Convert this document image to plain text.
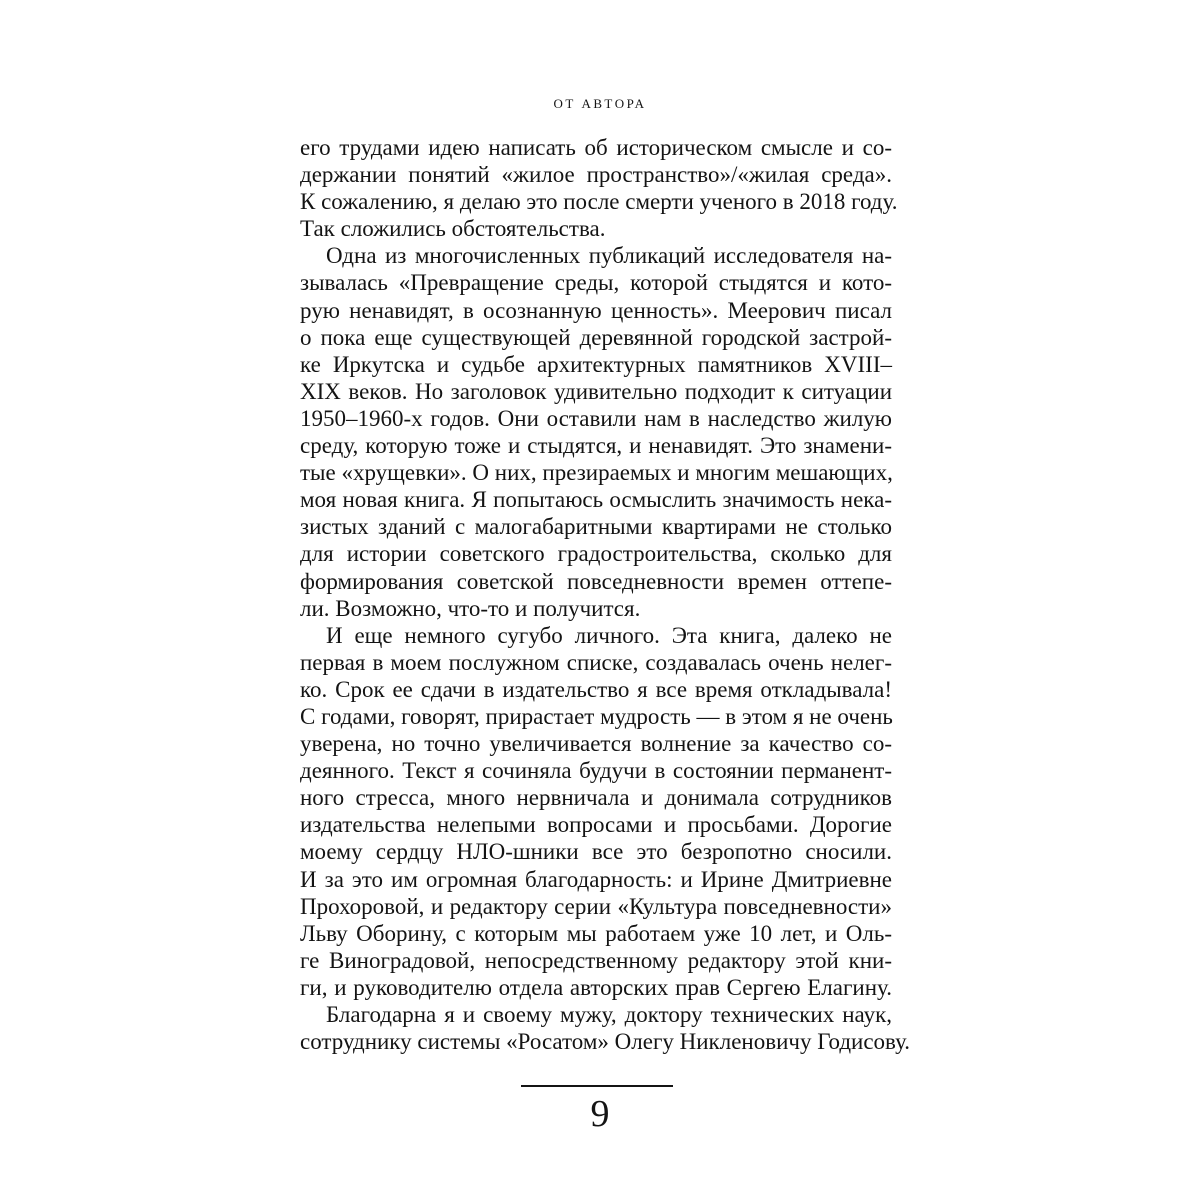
ОТ АВТОРА
его трудами идею написать об историческом смысле и со-
держании понятий «жилое пространство»/«жилая среда».
К сожалению, я делаю это после смерти ученого в 2018 году.
Так сложились обстоятельства.
Одна из многочисленных публикаций исследователя на-
зывалась «Превращение среды, которой стыдятся и кото-
рую ненавидят, в осознанную ценность». Меерович писал
о пока еще существующей деревянной городской застрой-
ке Иркутска и судьбе архитектурных памятников XVIII–
XIX веков. Но заголовок удивительно подходит к ситуации
1950–1960-х годов. Они оставили нам в наследство жилую
среду, которую тоже и стыдятся, и ненавидят. Это знамени-
тые «хрущевки». О них, презираемых и многим мешающих,
моя новая книга. Я попытаюсь осмыслить значимость нека-
зистых зданий с малогабаритными квартирами не столько
для истории советского градостроительства, сколько для
формирования советской повседневности времен оттепе-
ли. Возможно, что-то и получится.
И еще немного сугубо личного. Эта книга, далеко не
первая в моем послужном списке, создавалась очень нелег-
ко. Срок ее сдачи в издательство я все время откладывала!
С годами, говорят, прирастает мудрость — в этом я не очень
уверена, но точно увеличивается волнение за качество со-
деянного. Текст я сочиняла будучи в состоянии перманент-
ного стресса, много нервничала и донимала сотрудников
издательства нелепыми вопросами и просьбами. Дорогие
моему сердцу НЛО-шники все это безропотно сносили.
И за это им огромная благодарность: и Ирине Дмитриевне
Прохоровой, и редактору серии «Культура повседневности»
Льву Оборину, с которым мы работаем уже 10 лет, и Оль-
ге Виноградовой, непосредственному редактору этой кни-
ги, и руководителю отдела авторских прав Сергею Елагину.
Благодарна я и своему мужу, доктору технических наук,
сотруднику системы «Росатом» Олегу Никленовичу Годисову.
9
